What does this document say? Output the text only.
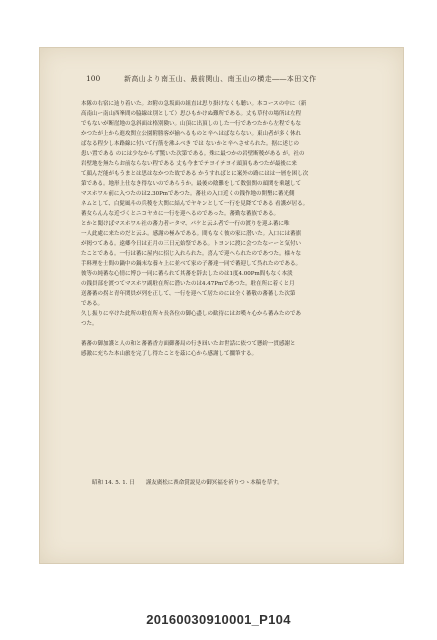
100	新高山より南玉山、最前関山、南玉山の横走――本田文作
本隊の右宿に辿り着いた。お附の急坂面の組直は思り掛けなくも聴い。本コースの中に（新
高南山ー南山西峯間の脇線は別として）思ひもかけぬ難所である。丈も草付の場所は左程
でもないが断崖地の急斜面は格別険い。山頂に出頂しのした一行であつたから左程でもな
かつたが上から進攻関立公園附勝客が揃へるものと辛へはばならない。東山者が多く休れ
ばなる程少し本路線に付いて行筋を沸ふべき では ないかと辛へさせられた。据に述じの
患い置である のには少なからず驚いた次第である。殊に最つかの岩壁断稜がある が。社の
岩壁地を無たらお前ならない程である 丈も今までテヨイテヨイ頭頂もあつたが最後に来
て顔んだ能がもうまとは思はなかつた故である かうすればとに案外の路にはは一層を困し次
第である。地形上仕なき得ないのであらうか。最後の陰難をして数張関の頭関を乗越して
マスホワル前に入つたのは2.30Pmであつた。蕃社の入口近くの銭作地の開墾に蕃光側
ネムとして、白髭風斗の兵稜を大関に結んでヤキンとして一行を見降てである 看護が居る。
蕃女らんんな近づくとニコヤカに一行を迎へるのであった。蕃勤な蕃族である。
とかと聞けばマスホワル社の蕃力者ータマ、パケと云ふ者で一行の渡りを迎ふ蕃に唯
一人此處に来たのだと云ふ。感謝の極みである。間もなく彼の家に潜いた。入口には蕃旗
が掲つてある。遠郷今日は正月の三日元始祭である。トヨンに渡に会つたなーーと気付い
たことである。一行は蕃に屋内に招じ入れられた。喜んで迎へられたのであつた。様々な
手料理を士間の鍋中の鍋末な養々上に並べて家の子蕃達一同で蕃迎して呉れたのである。
彼等の純蕃な心情に博ひ一同に蕃られて其蕃を辞去したのは1度4.00Pm間もなく本淡
の銭員部を渡つてマスホワ副駐在所に潜いたのは4.47Pmであつた。駐在所に着くと月
送蕃蕃の拐と青年関員が列を正して、一行を迎へて居たのには全く蕃敬の蕃蕃した次第
である。
久し振りに卒けた此所の駐在所々長各位の御心盡しの歓待にはお嘆々心から蕃みたのであ
つた。
蕃蕃の御加護と人の和と蕃蕃香方面御蕃局の行き屆いたお世話に依つて懸紛一貫感謝と
感激に充ちた本山旅を完了し得たことを茲に心から感謝して擱筆する。
昭和 14. 5. 1. 日　　謹友廣松に喪命賞説見の御冥福を祈りつゝ本稿を草す。
20160030910001_P104
